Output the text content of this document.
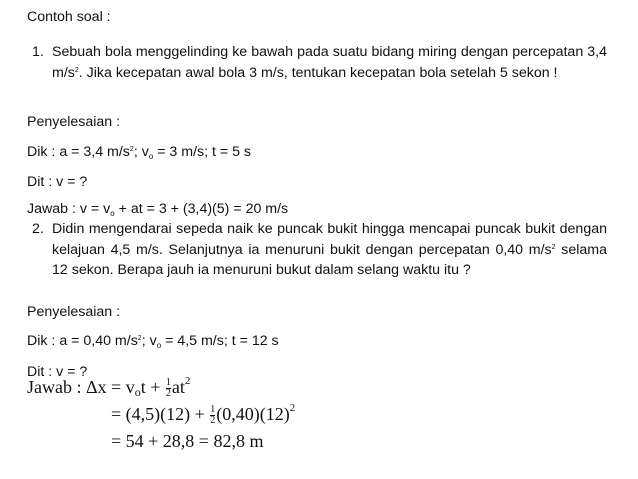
Contoh soal :
1. Sebuah bola menggelinding ke bawah pada suatu bidang miring dengan percepatan 3,4 $m/s^2$. Jika kecepatan awal bola 3 m/s, tentukan kecepatan bola setelah 5 sekon !
Penyelesaian :
Dik : a = 3,4 $m/s^2$; $v_o = 3$ m/s; t = 5 s
Dit : v = ?
Jawab : $v = v_o$ + at = 3 + (3,4)(5) = 20 m/s
2. Didin mengendarai sepeda naik ke puncak bukit hingga mencapai puncak bukit dengan kelajuan 4,5 m/s. Selanjutnya ia menuruni bukit dengan percepatan 0,40 $m/s^2$ selama 12 sekon. Berapa jauh ia menuruni bukut dalam selang waktu itu ?
Penyelesaian :
Dik : a = 0,40 $m/s^2$; $v_o = 4,5$ m/s; t = 12 s
Dit : v = ?
Jawab : Δx = vot + $\frac{1}{2} at^2$
= $(4,5)(12) + \frac{1}{2} (0,40)(12)^2$
= 54 + 28,8 = 82,8 m
